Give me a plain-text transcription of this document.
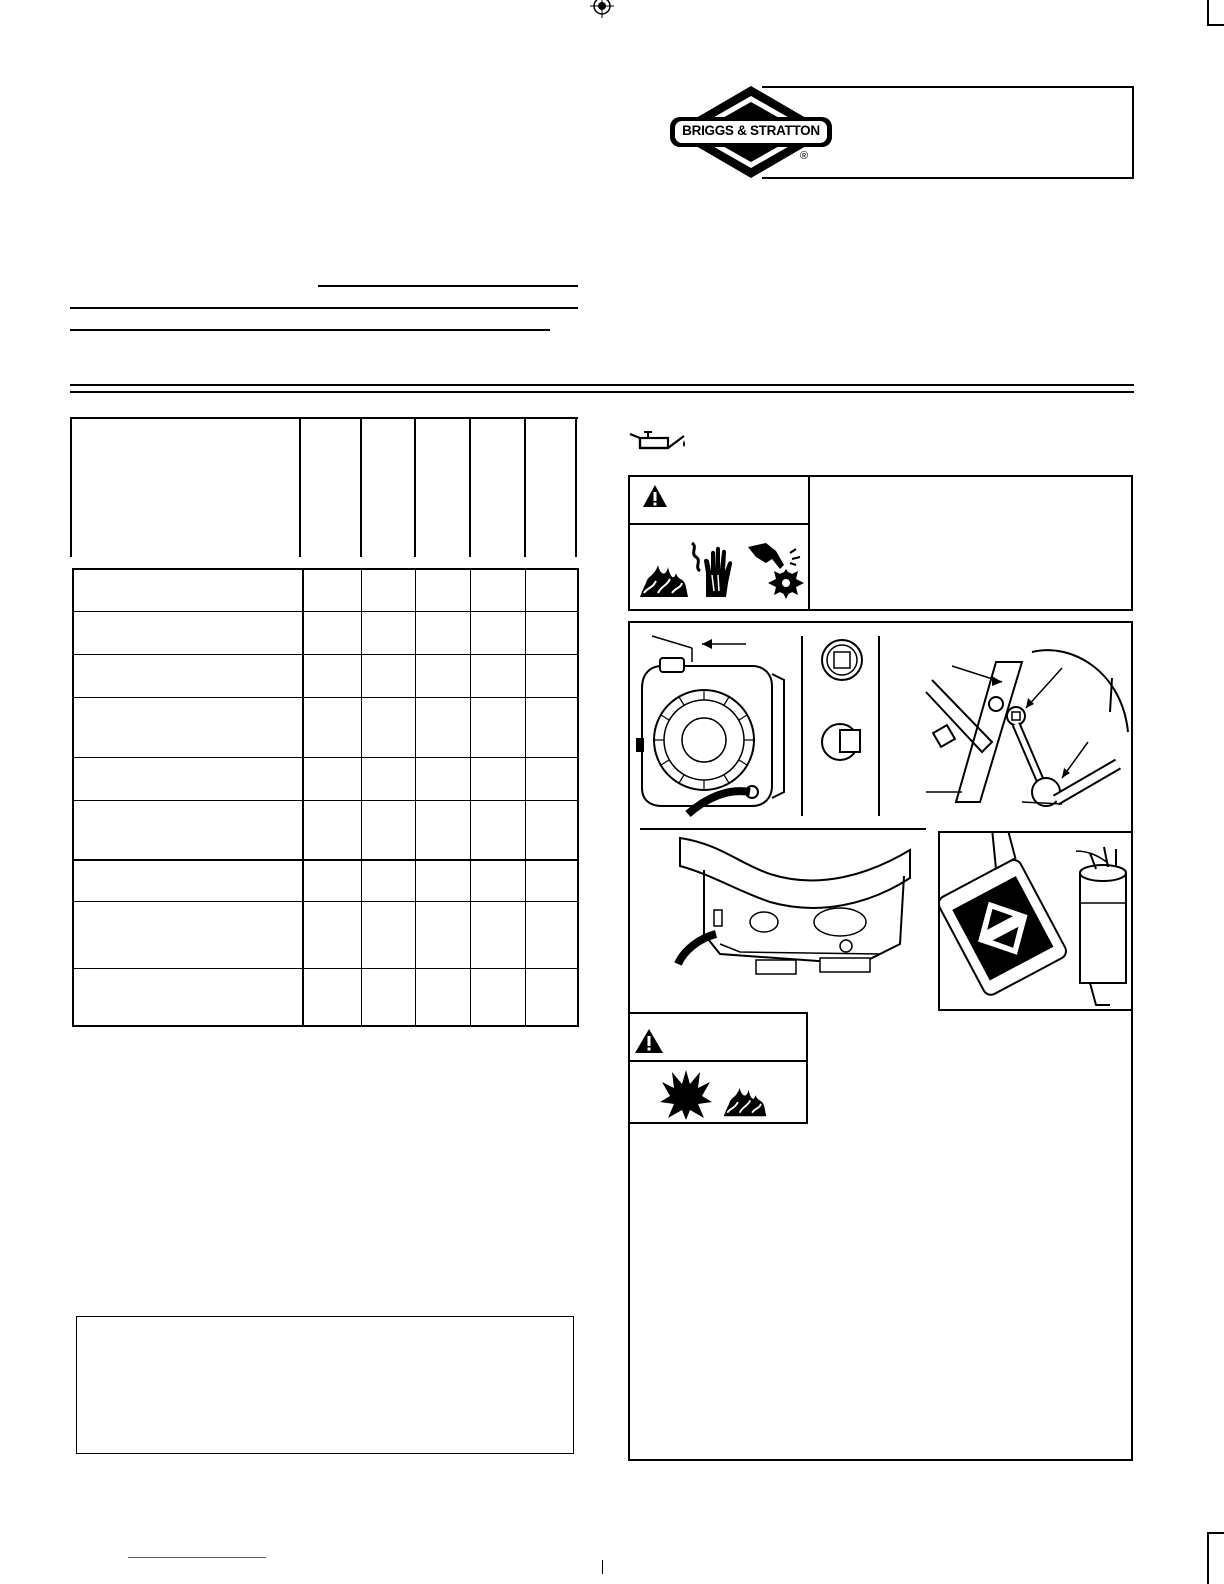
BRIGGS & STRATTON
®
